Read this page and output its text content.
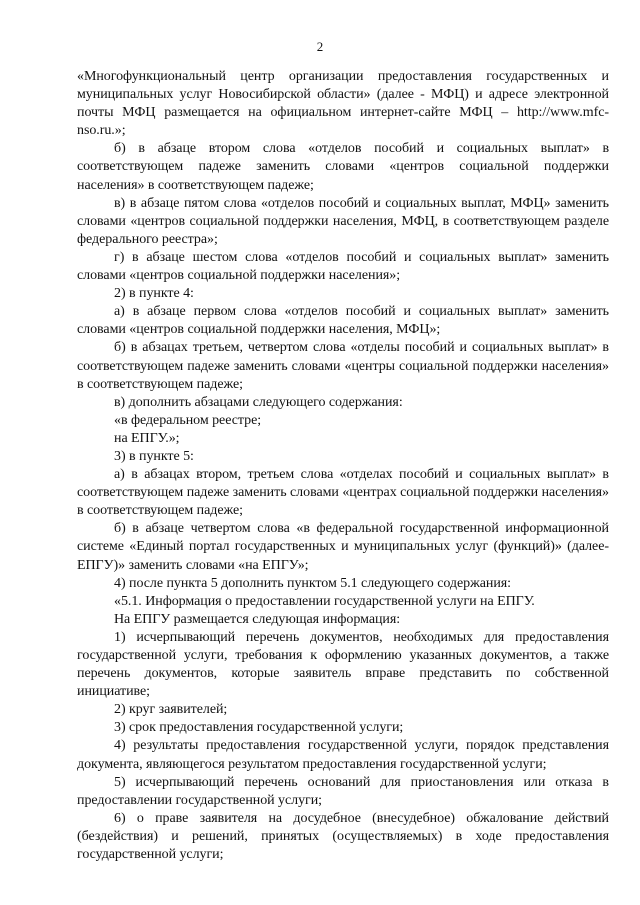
2

«Многофункциональный центр организации предоставления государственных и муниципальных услуг Новосибирской области» (далее - МФЦ) и адресе электронной почты МФЦ размещается на официальном интернет-сайте МФЦ – http://www.mfc-nso.ru.»;

б) в абзаце втором слова «отделов пособий и социальных выплат» в соответствующем падеже заменить словами «центров социальной поддержки населения» в соответствующем падеже;

в) в абзаце пятом слова «отделов пособий и социальных выплат, МФЦ» заменить словами «центров социальной поддержки населения, МФЦ, в соответствующем разделе федерального реестра»;

г) в абзаце шестом слова «отделов пособий и социальных выплат» заменить словами «центров социальной поддержки населения»;

2) в пункте 4:

а) в абзаце первом слова «отделов пособий и социальных выплат» заменить словами «центров социальной поддержки населения, МФЦ»;

б) в абзацах третьем, четвертом слова «отделы пособий и социальных выплат» в соответствующем падеже заменить словами «центры социальной поддержки населения» в соответствующем падеже;

в) дополнить абзацами следующего содержания:

«в федеральном реестре;

на ЕПГУ.»;

3) в пункте 5:

а) в абзацах втором, третьем слова «отделах пособий и социальных выплат» в соответствующем падеже заменить словами «центрах социальной поддержки населения» в соответствующем падеже;

б) в абзаце четвертом слова «в федеральной государственной информационной системе «Единый портал государственных и муниципальных услуг (функций)» (далее-ЕПГУ)» заменить словами «на ЕПГУ»;

4) после пункта 5 дополнить пунктом 5.1 следующего содержания:

«5.1. Информация о предоставлении государственной услуги на ЕПГУ.

На ЕПГУ размещается следующая информация:

1) исчерпывающий перечень документов, необходимых для предоставления государственной услуги, требования к оформлению указанных документов, а также перечень документов, которые заявитель вправе представить по собственной инициативе;

2) круг заявителей;

3) срок предоставления государственной услуги;

4) результаты предоставления государственной услуги, порядок представления документа, являющегося результатом предоставления государственной услуги;

5) исчерпывающий перечень оснований для приостановления или отказа в предоставлении государственной услуги;

6) о праве заявителя на досудебное (внесудебное) обжалование действий (бездействия) и решений, принятых (осуществляемых) в ходе предоставления государственной услуги;
